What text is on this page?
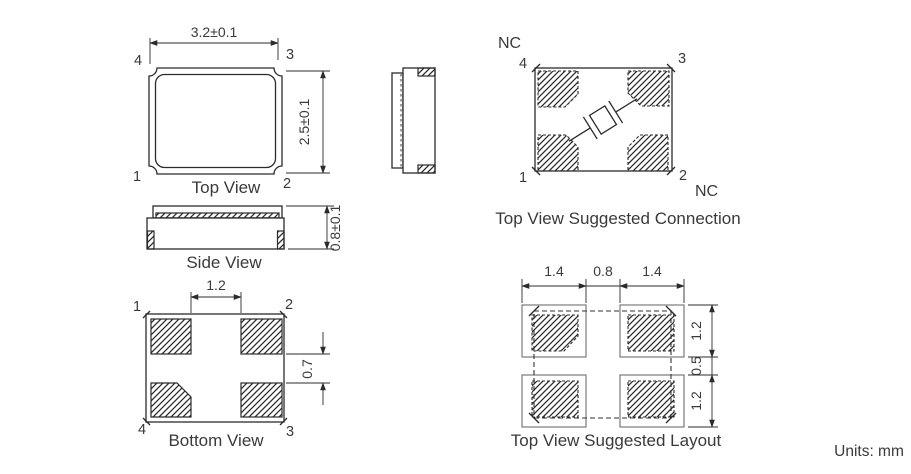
3.2±0.1
4	3
1	2
2.5±0.1
Top View
0.8±0.1
Side View
1.2
0.7
1	2
4	3
Bottom View
NC
4	3
1	2
NC
Top View Suggested Connection
1.4 0.8 1.4
1.2
0.5
1.2
Top View Suggested Layout
Units: mm
